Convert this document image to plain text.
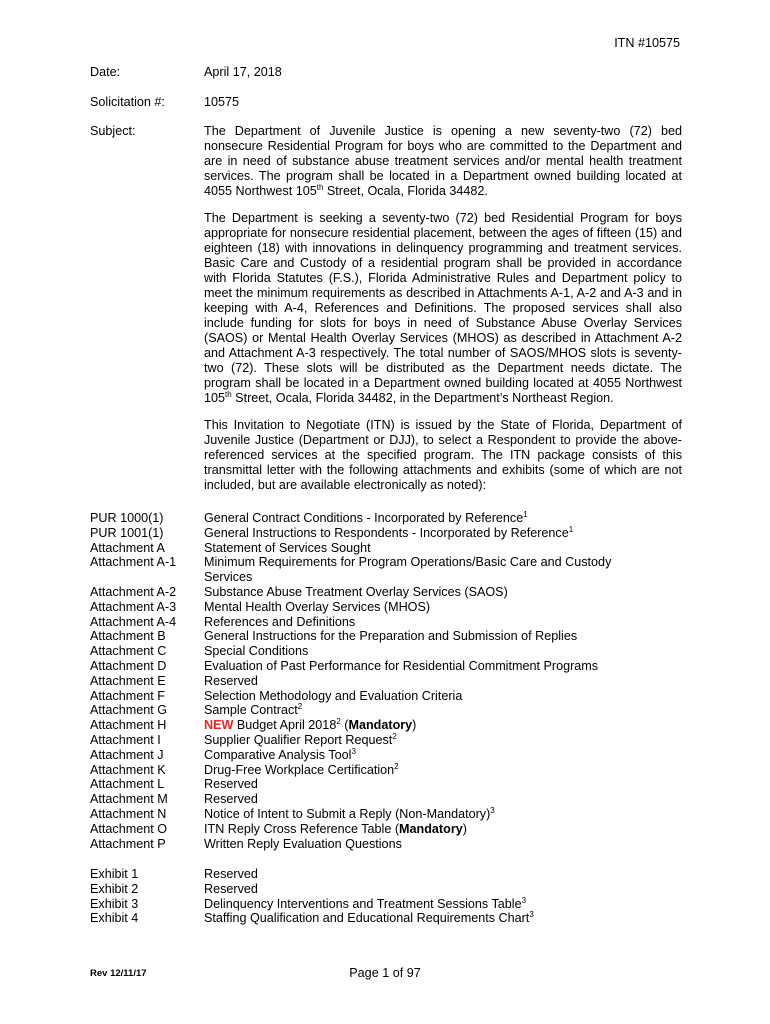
ITN #10575
Date:	April 17, 2018
Solicitation #:	10575
Subject:	The Department of Juvenile Justice is opening a new seventy-two (72) bed nonsecure Residential Program for boys who are committed to the Department and are in need of substance abuse treatment services and/or mental health treatment services. The program shall be located in a Department owned building located at 4055 Northwest 105th Street, Ocala, Florida 34482.

The Department is seeking a seventy-two (72) bed Residential Program for boys appropriate for nonsecure residential placement, between the ages of fifteen (15) and eighteen (18) with innovations in delinquency programming and treatment services. Basic Care and Custody of a residential program shall be provided in accordance with Florida Statutes (F.S.), Florida Administrative Rules and Department policy to meet the minimum requirements as described in Attachments A-1, A-2 and A-3 and in keeping with A-4, References and Definitions. The proposed services shall also include funding for slots for boys in need of Substance Abuse Overlay Services (SAOS) or Mental Health Overlay Services (MHOS) as described in Attachment A-2 and Attachment A-3 respectively. The total number of SAOS/MHOS slots is seventy-two (72). These slots will be distributed as the Department needs dictate. The program shall be located in a Department owned building located at 4055 Northwest 105th Street, Ocala, Florida 34482, in the Department’s Northeast Region.

This Invitation to Negotiate (ITN) is issued by the State of Florida, Department of Juvenile Justice (Department or DJJ), to select a Respondent to provide the above-referenced services at the specified program. The ITN package consists of this transmittal letter with the following attachments and exhibits (some of which are not included, but are available electronically as noted):

PUR 1000(1)	General Contract Conditions - Incorporated by Reference$^1$
PUR 1001(1)	General Instructions to Respondents - Incorporated by Reference$^1$
Attachment A	Statement of Services Sought
Attachment A-1	Minimum Requirements for Program Operations/Basic Care and Custody Services
Attachment A-2	Substance Abuse Treatment Overlay Services (SAOS)
Attachment A-3	Mental Health Overlay Services (MHOS)
Attachment A-4	References and Definitions
Attachment B	General Instructions for the Preparation and Submission of Replies
Attachment C	Special Conditions
Attachment D	Evaluation of Past Performance for Residential Commitment Programs
Attachment E	Reserved
Attachment F	Selection Methodology and Evaluation Criteria
Attachment G	Sample Contract$^2$
Attachment H	NEW Budget April 2018$^2$ (Mandatory)
Attachment I	Supplier Qualifier Report Request$^2$
Attachment J	Comparative Analysis Tool$^3$
Attachment K	Drug-Free Workplace Certification$^2$
Attachment L	Reserved
Attachment M	Reserved
Attachment N	Notice of Intent to Submit a Reply (Non-Mandatory)$^3$
Attachment O	ITN Reply Cross Reference Table (Mandatory)
Attachment P	Written Reply Evaluation Questions
Exhibit 1	Reserved
Exhibit 2	Reserved
Exhibit 3	Delinquency Interventions and Treatment Sessions Table$^3$
Exhibit 4	Staffing Qualification and Educational Requirements Chart$^3$
Rev 12/11/17	Page 1 of 97
